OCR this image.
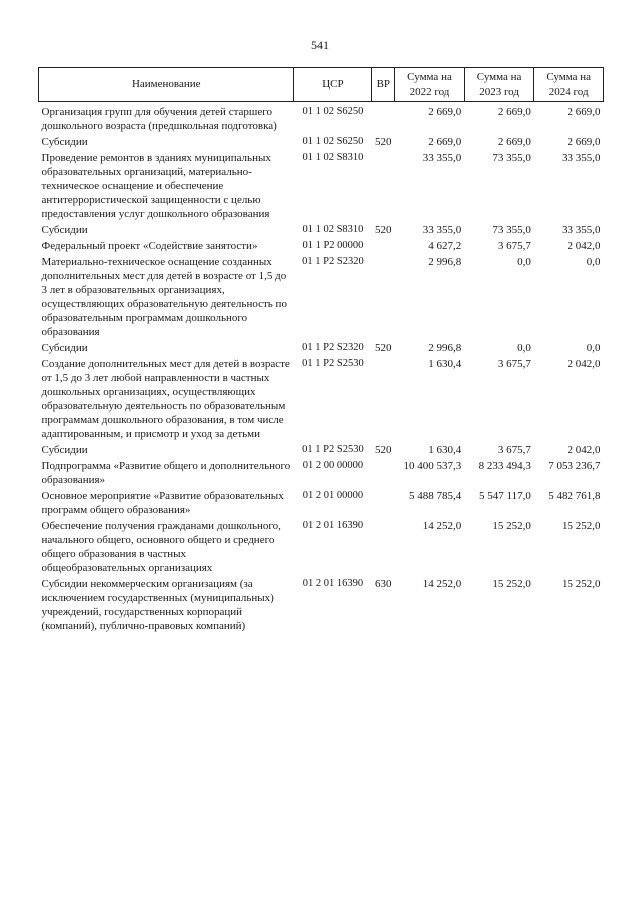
541
Наименование	ЦСР	ВР	Сумма на 2022 год	Сумма на 2023 год	Сумма на 2024 год
Организация групп для обучения детей старшего дошкольного возраста (предшкольная подготовка)	01 1 02 S6250		2 669,0	2 669,0	2 669,0
Субсидии	01 1 02 S6250	520	2 669,0	2 669,0	2 669,0
Проведение ремонтов в зданиях муниципальных образовательных организаций, материально-техническое оснащение и обеспечение антитеррористической защищенности с целью предоставления услуг дошкольного образования	01 1 02 S8310		33 355,0	73 355,0	33 355,0
Субсидии	01 1 02 S8310	520	33 355,0	73 355,0	33 355,0
Федеральный проект «Содействие занятости»	01 1 P2 00000		4 627,2	3 675,7	2 042,0
Материально-техническое оснащение созданных дополнительных мест для детей в возрасте от 1,5 до 3 лет в образовательных организациях, осуществляющих образовательную деятельность по образовательным программам дошкольного образования	01 1 P2 S2320		2 996,8	0,0	0,0
Субсидии	01 1 P2 S2320	520	2 996,8	0,0	0,0
Создание дополнительных мест для детей в возрасте от 1,5 до 3 лет любой направленности в частных дошкольных организациях, осуществляющих образовательную деятельность по образовательным программам дошкольного образования, в том числе адаптированным, и присмотр и уход за детьми	01 1 P2 S2530		1 630,4	3 675,7	2 042,0
Субсидии	01 1 P2 S2530	520	1 630,4	3 675,7	2 042,0
Подпрограмма «Развитие общего и дополнительного образования»	01 2 00 00000		10 400 537,3	8 233 494,3	7 053 236,7
Основное мероприятие «Развитие образовательных программ общего образования»	01 2 01 00000		5 488 785,4	5 547 117,0	5 482 761,8
Обеспечение получения гражданами дошкольного, начального общего, основного общего и среднего общего образования в частных общеобразовательных организациях	01 2 01 16390		14 252,0	15 252,0	15 252,0
Субсидии некоммерческим организациям (за исключением государственных (муниципальных) учреждений, государственных корпораций (компаний), публично-правовых компаний)	01 2 01 16390	630	14 252,0	15 252,0	15 252,0
